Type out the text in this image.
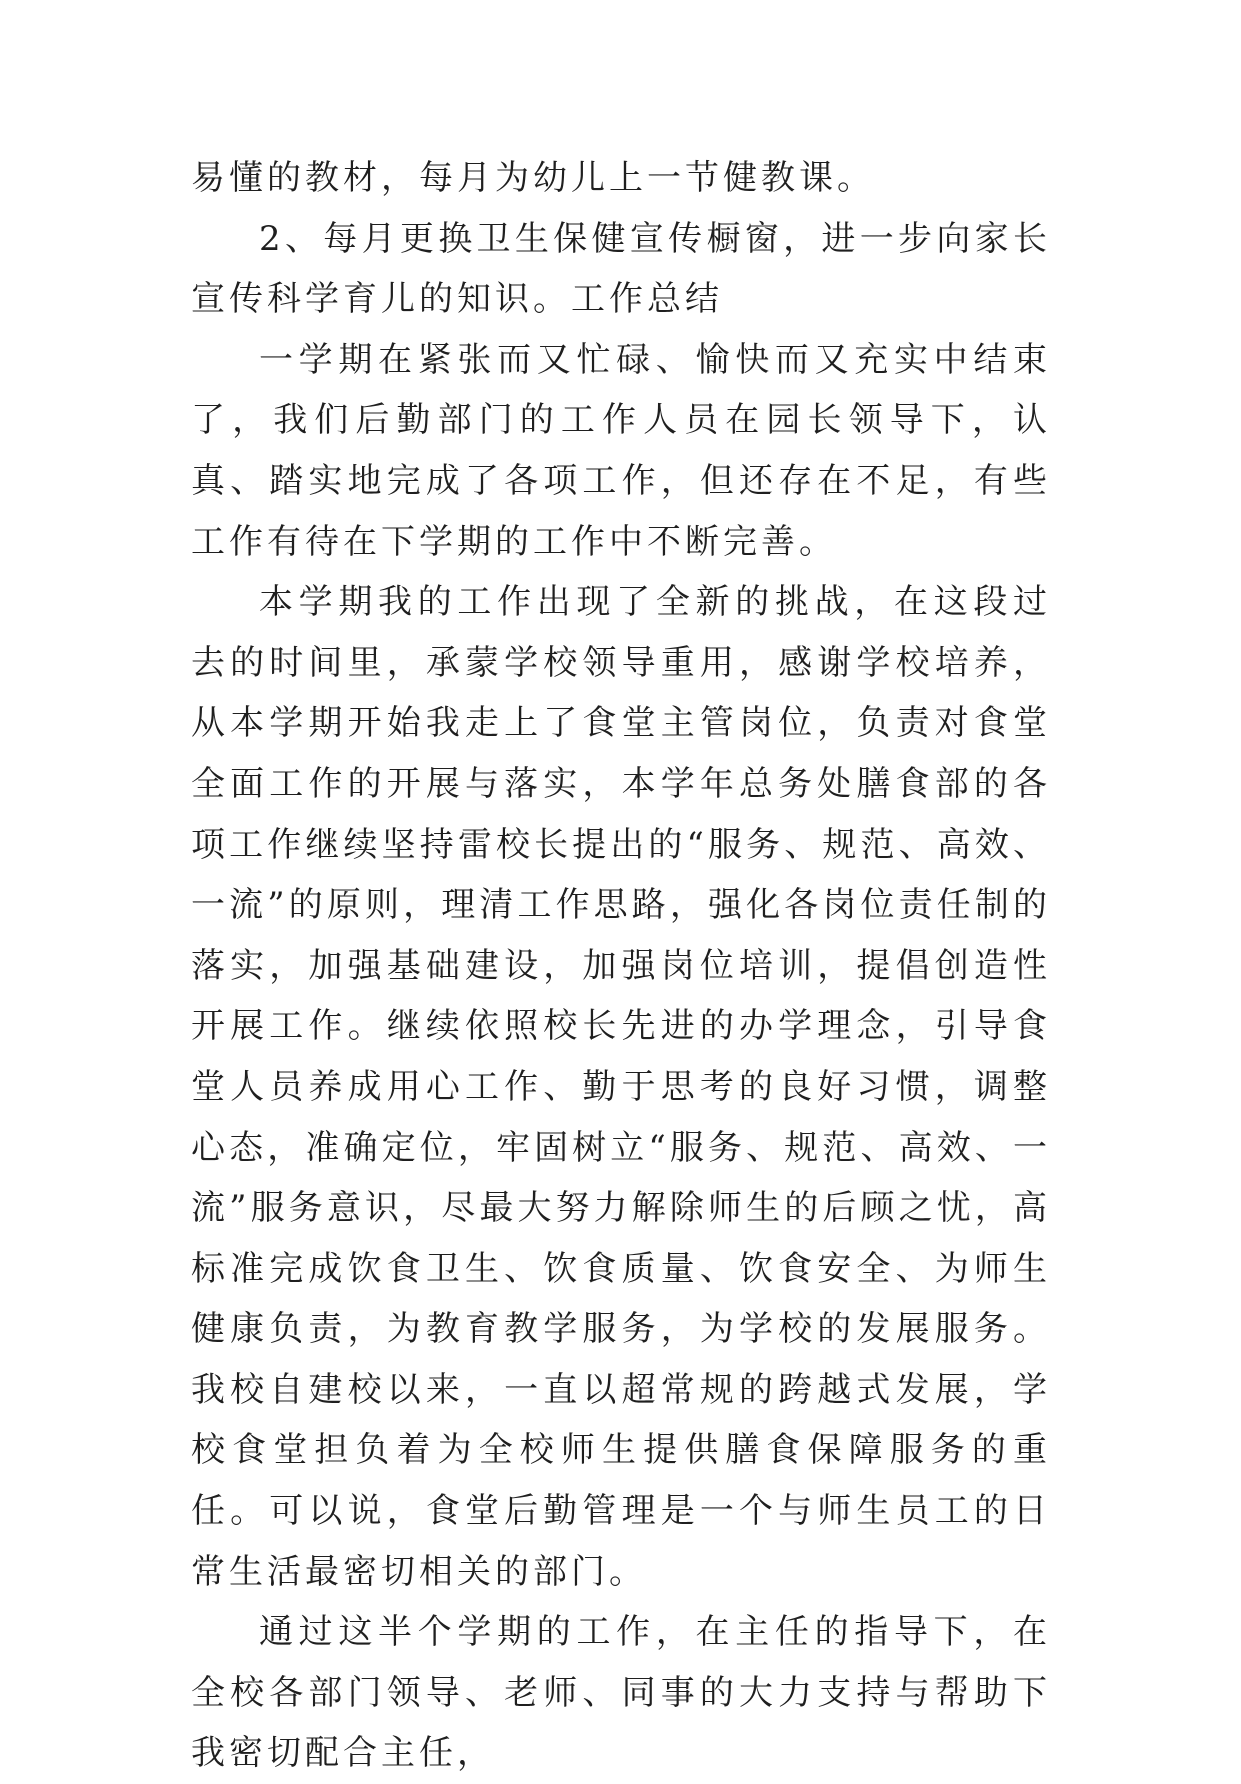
易懂的教材，每月为幼儿上一节健教课。

2、每月更换卫生保健宣传橱窗，进一步向家长宣传科学育儿的知识。工作总结

一学期在紧张而又忙碌、愉快而又充实中结束了，我们后勤部门的工作人员在园长领导下，认真、踏实地完成了各项工作，但还存在不足，有些工作有待在下学期的工作中不断完善。

本学期我的工作出现了全新的挑战，在这段过去的时间里，承蒙学校领导重用，感谢学校培养，从本学期开始我走上了食堂主管岗位，负责对食堂全面工作的开展与落实，本学年总务处膳食部的各项工作继续坚持雷校长提出的“服务、规范、高效、一流”的原则，理清工作思路，强化各岗位责任制的落实，加强基础建设，加强岗位培训，提倡创造性开展工作。继续依照校长先进的办学理念，引导食堂人员养成用心工作、勤于思考的良好习惯，调整心态，准确定位，牢固树立“服务、规范、高效、一流”服务意识，尽最大努力解除师生的后顾之忧，高标准完成饮食卫生、饮食质量、饮食安全、为师生健康负责，为教育教学服务，为学校的发展服务。我校自建校以来，一直以超常规的跨越式发展，学校食堂担负着为全校师生提供膳食保障服务的重任。可以说，食堂后勤管理是一个与师生员工的日常生活最密切相关的部门。

通过这半个学期的工作，在主任的指导下，在全校各部门领导、老师、同事的大力支持与帮助下我密切配合主任，
